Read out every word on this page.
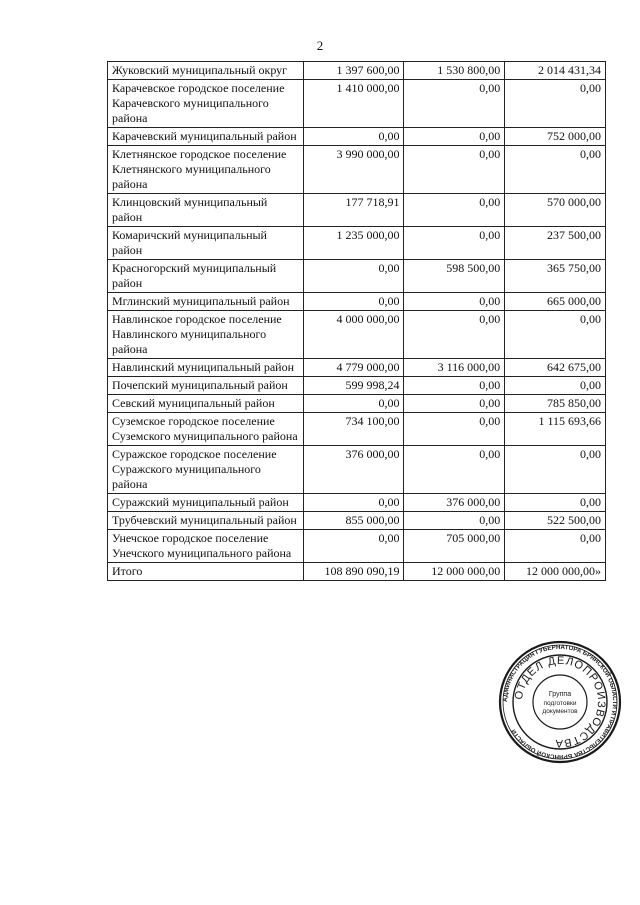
2
Жуковский муниципальный округ	1 397 600,00	1 530 800,00	2 014 431,34
Карачевское городское поселение Карачевского муниципального района	1 410 000,00	0,00	0,00
Карачевский муниципальный район	0,00	0,00	752 000,00
Клетнянское городское поселение Клетнянского муниципального района	3 990 000,00	0,00	0,00
Клинцовский муниципальный район	177 718,91	0,00	570 000,00
Комаричский муниципальный район	1 235 000,00	0,00	237 500,00
Красногорский муниципальный район	0,00	598 500,00	365 750,00
Мглинский муниципальный район	0,00	0,00	665 000,00
Навлинское городское поселение Навлинского муниципального района	4 000 000,00	0,00	0,00
Навлинский муниципальный район	4 779 000,00	3 116 000,00	642 675,00
Почепский муниципальный район	599 998,24	0,00	0,00
Севский муниципальный район	0,00	0,00	785 850,00
Суземское городское поселение Суземского муниципального района	734 100,00	0,00	1 115 693,66
Суражское городское поселение Суражского муниципального района	376 000,00	0,00	0,00
Суражский муниципальный район	0,00	376 000,00	0,00
Трубчевский муниципальный район	855 000,00	0,00	522 500,00
Унечское городское поселение Унечского муниципального района	0,00	705 000,00	0,00
Итого	108 890 090,19	12 000 000,00	12 000 000,00»
АДМИНИСТРАЦИЯ ГУБЕРНАТОРА БРЯНСКОЙ ОБЛАСТИ И ПРАВИТЕЛЬСТВА БРЯНСКОЙ ОБЛАСТИ
ОТДЕЛ ДЕЛОПРОИЗВОДСТВА
Группа
подготовки
документов
